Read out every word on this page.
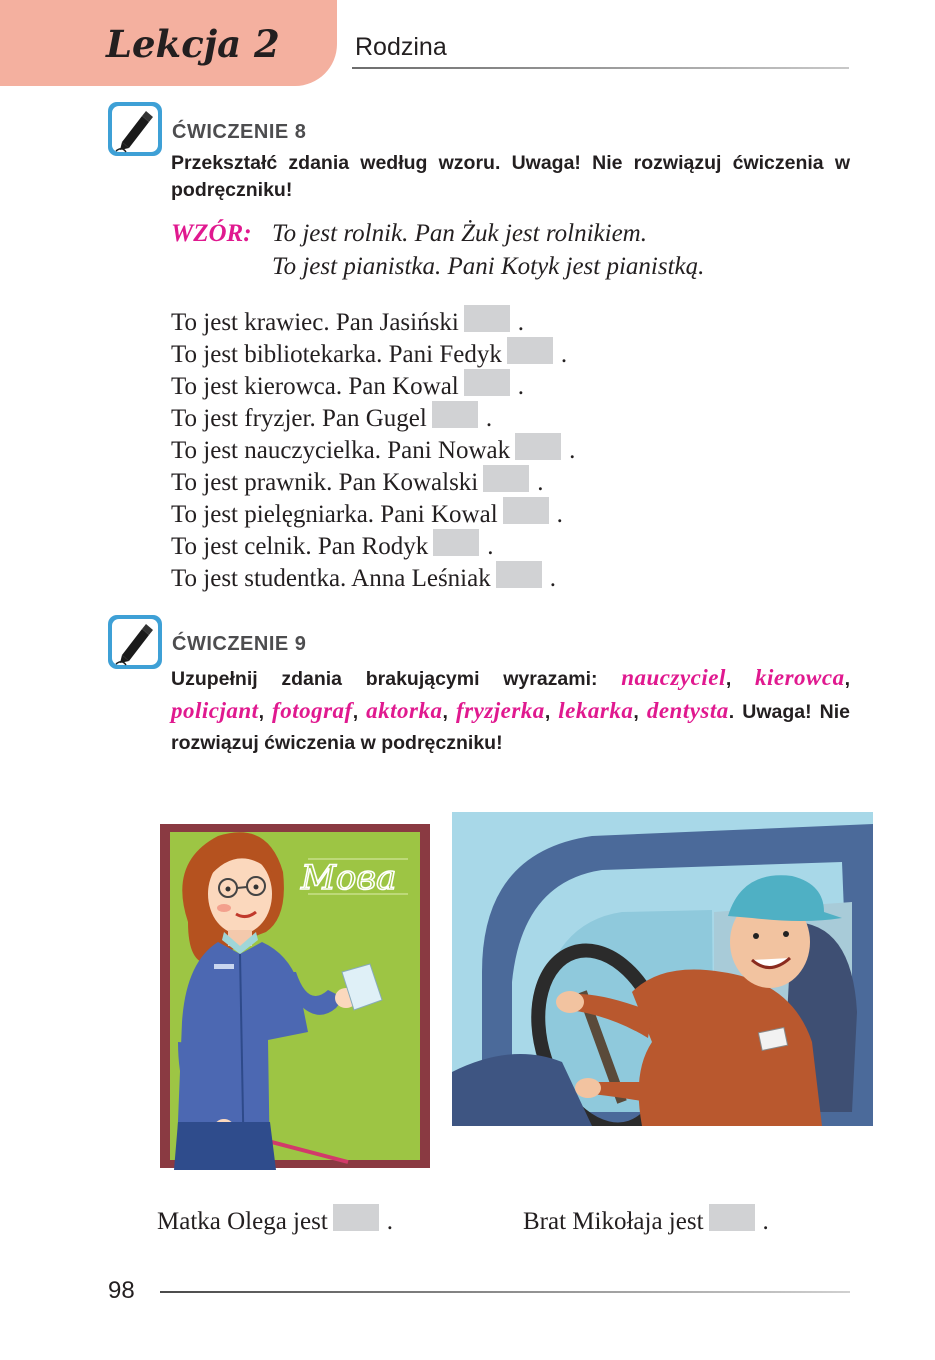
Lekcja 2	Rodzina
ĆWICZENIE 8
Przekształć zdania według wzoru. Uwaga! Nie rozwiązuj ćwiczenia w podręczniku!
WZÓR: To jest rolnik. Pan Żuk jest rolnikiem.
To jest pianistka. Pani Kotyk jest pianistką.
To jest krawiec. Pan Jasiński .
To jest bibliotekarka. Pani Fedyk .
To jest kierowca. Pan Kowal .
To jest fryzjer. Pan Gugel .
To jest nauczycielka. Pani Nowak .
To jest prawnik. Pan Kowalski .
To jest pielęgniarka. Pani Kowal .
To jest celnik. Pan Rodyk .
To jest studentka. Anna Leśniak .
ĆWICZENIE 9
Uzupełnij zdania brakującymi wyrazami: nauczyciel, kierowca, policjant, fotograf, aktorka, fryzjerka, lekarka, dentysta. Uwaga! Nie rozwiązuj ćwiczenia w podręczniku!
Мова
Matka Olega jest .	Brat Mikołaja jest .
98
